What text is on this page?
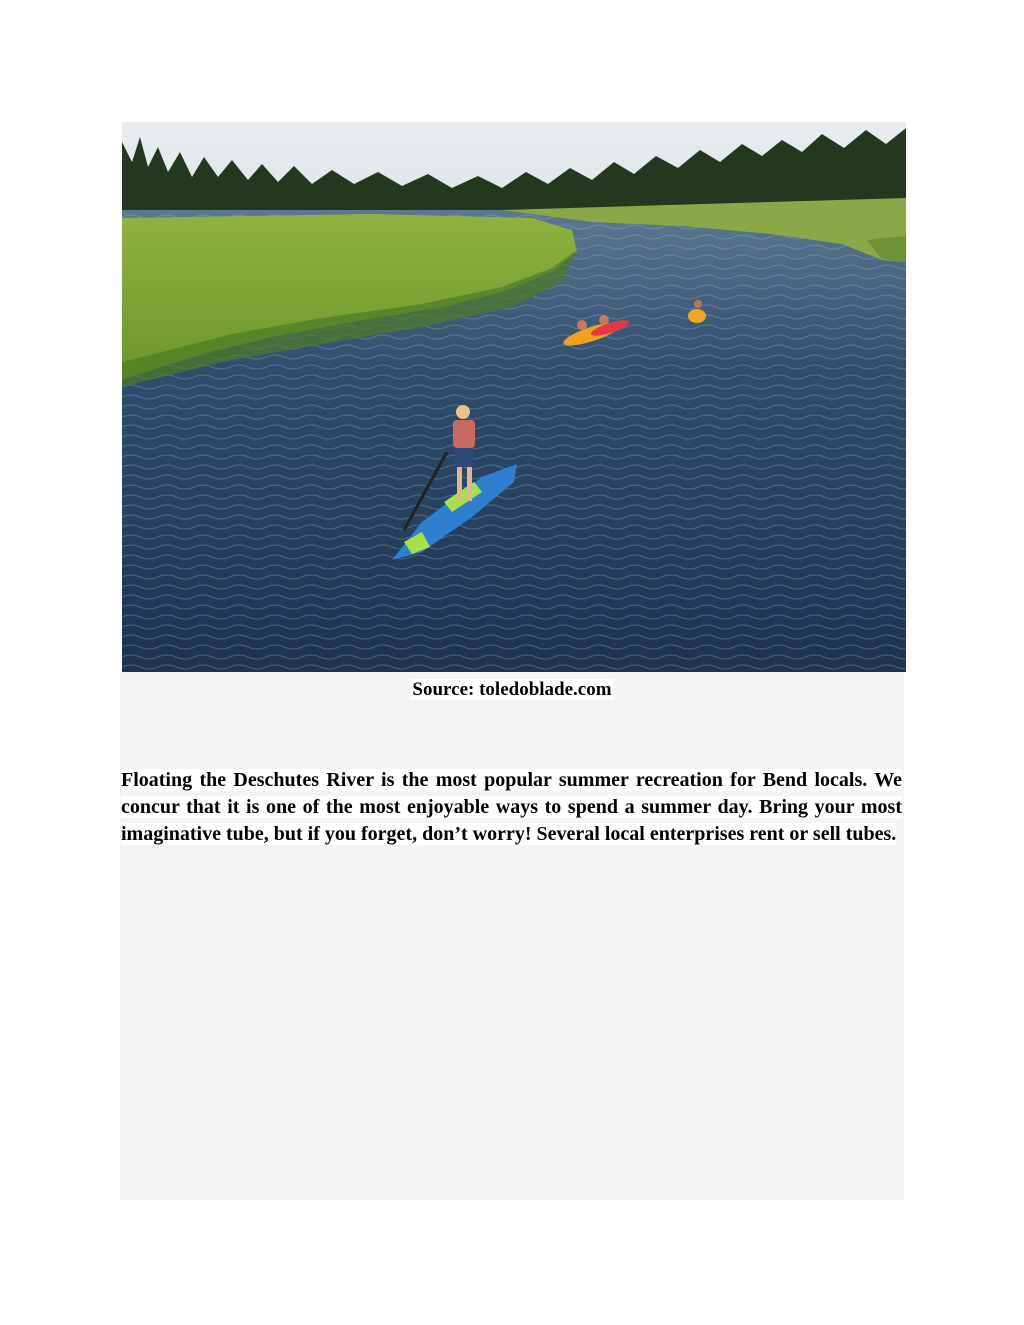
Source: toledoblade.com
Floating the Deschutes River is the most popular summer recreation for Bend locals. We concur that it is one of the most enjoyable ways to spend a summer day. Bring your most imaginative tube, but if you forget, don’t worry! Several local enterprises rent or sell tubes.
